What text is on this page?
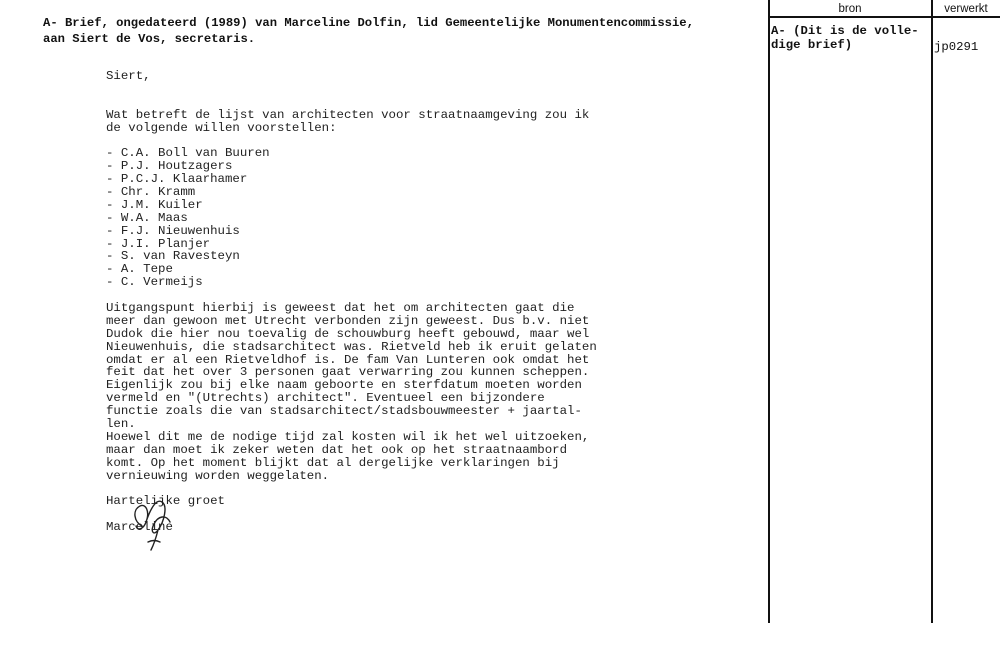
A- Brief, ongedateerd (1989) van Marceline Dolfin, lid Gemeentelijke Monumentencommissie,
aan Siert de Vos, secretaris.
Siert,
Wat betreft de lijst van architecten voor straatnaamgeving zou ik
de volgende willen voorstellen:
- C.A. Boll van Buuren
- P.J. Houtzagers
- P.C.J. Klaarhamer
- Chr. Kramm
- J.M. Kuiler
- W.A. Maas
- F.J. Nieuwenhuis
- J.I. Planjer
- S. van Ravesteyn
- A. Tepe
- C. Vermeijs
Uitgangspunt hierbij is geweest dat het om architecten gaat die
meer dan gewoon met Utrecht verbonden zijn geweest. Dus b.v. niet
Dudok die hier nou toevalig de schouwburg heeft gebouwd, maar wel
Nieuwenhuis, die stadsarchitect was. Rietveld heb ik eruit gelaten
omdat er al een Rietveldhof is. De fam Van Lunteren ook omdat het
feit dat het over 3 personen gaat verwarring zou kunnen scheppen.
Eigenlijk zou bij elke naam geboorte en sterfdatum moeten worden
vermeld en "(Utrechts) architect". Eventueel een bijzondere
functie zoals die van stadsarchitect/stadsbouwmeester + jaartal-
len.
Hoewel dit me de nodige tijd zal kosten wil ik het wel uitzoeken,
maar dan moet ik zeker weten dat het ook op het straatnaambord
komt. Op het moment blijkt dat al dergelijke verklaringen bij
vernieuwing worden weggelaten.
Hartelijke groet
Marceline
bron	verwerkt
A- (Dit is de volle-
dige brief)	jp0291
